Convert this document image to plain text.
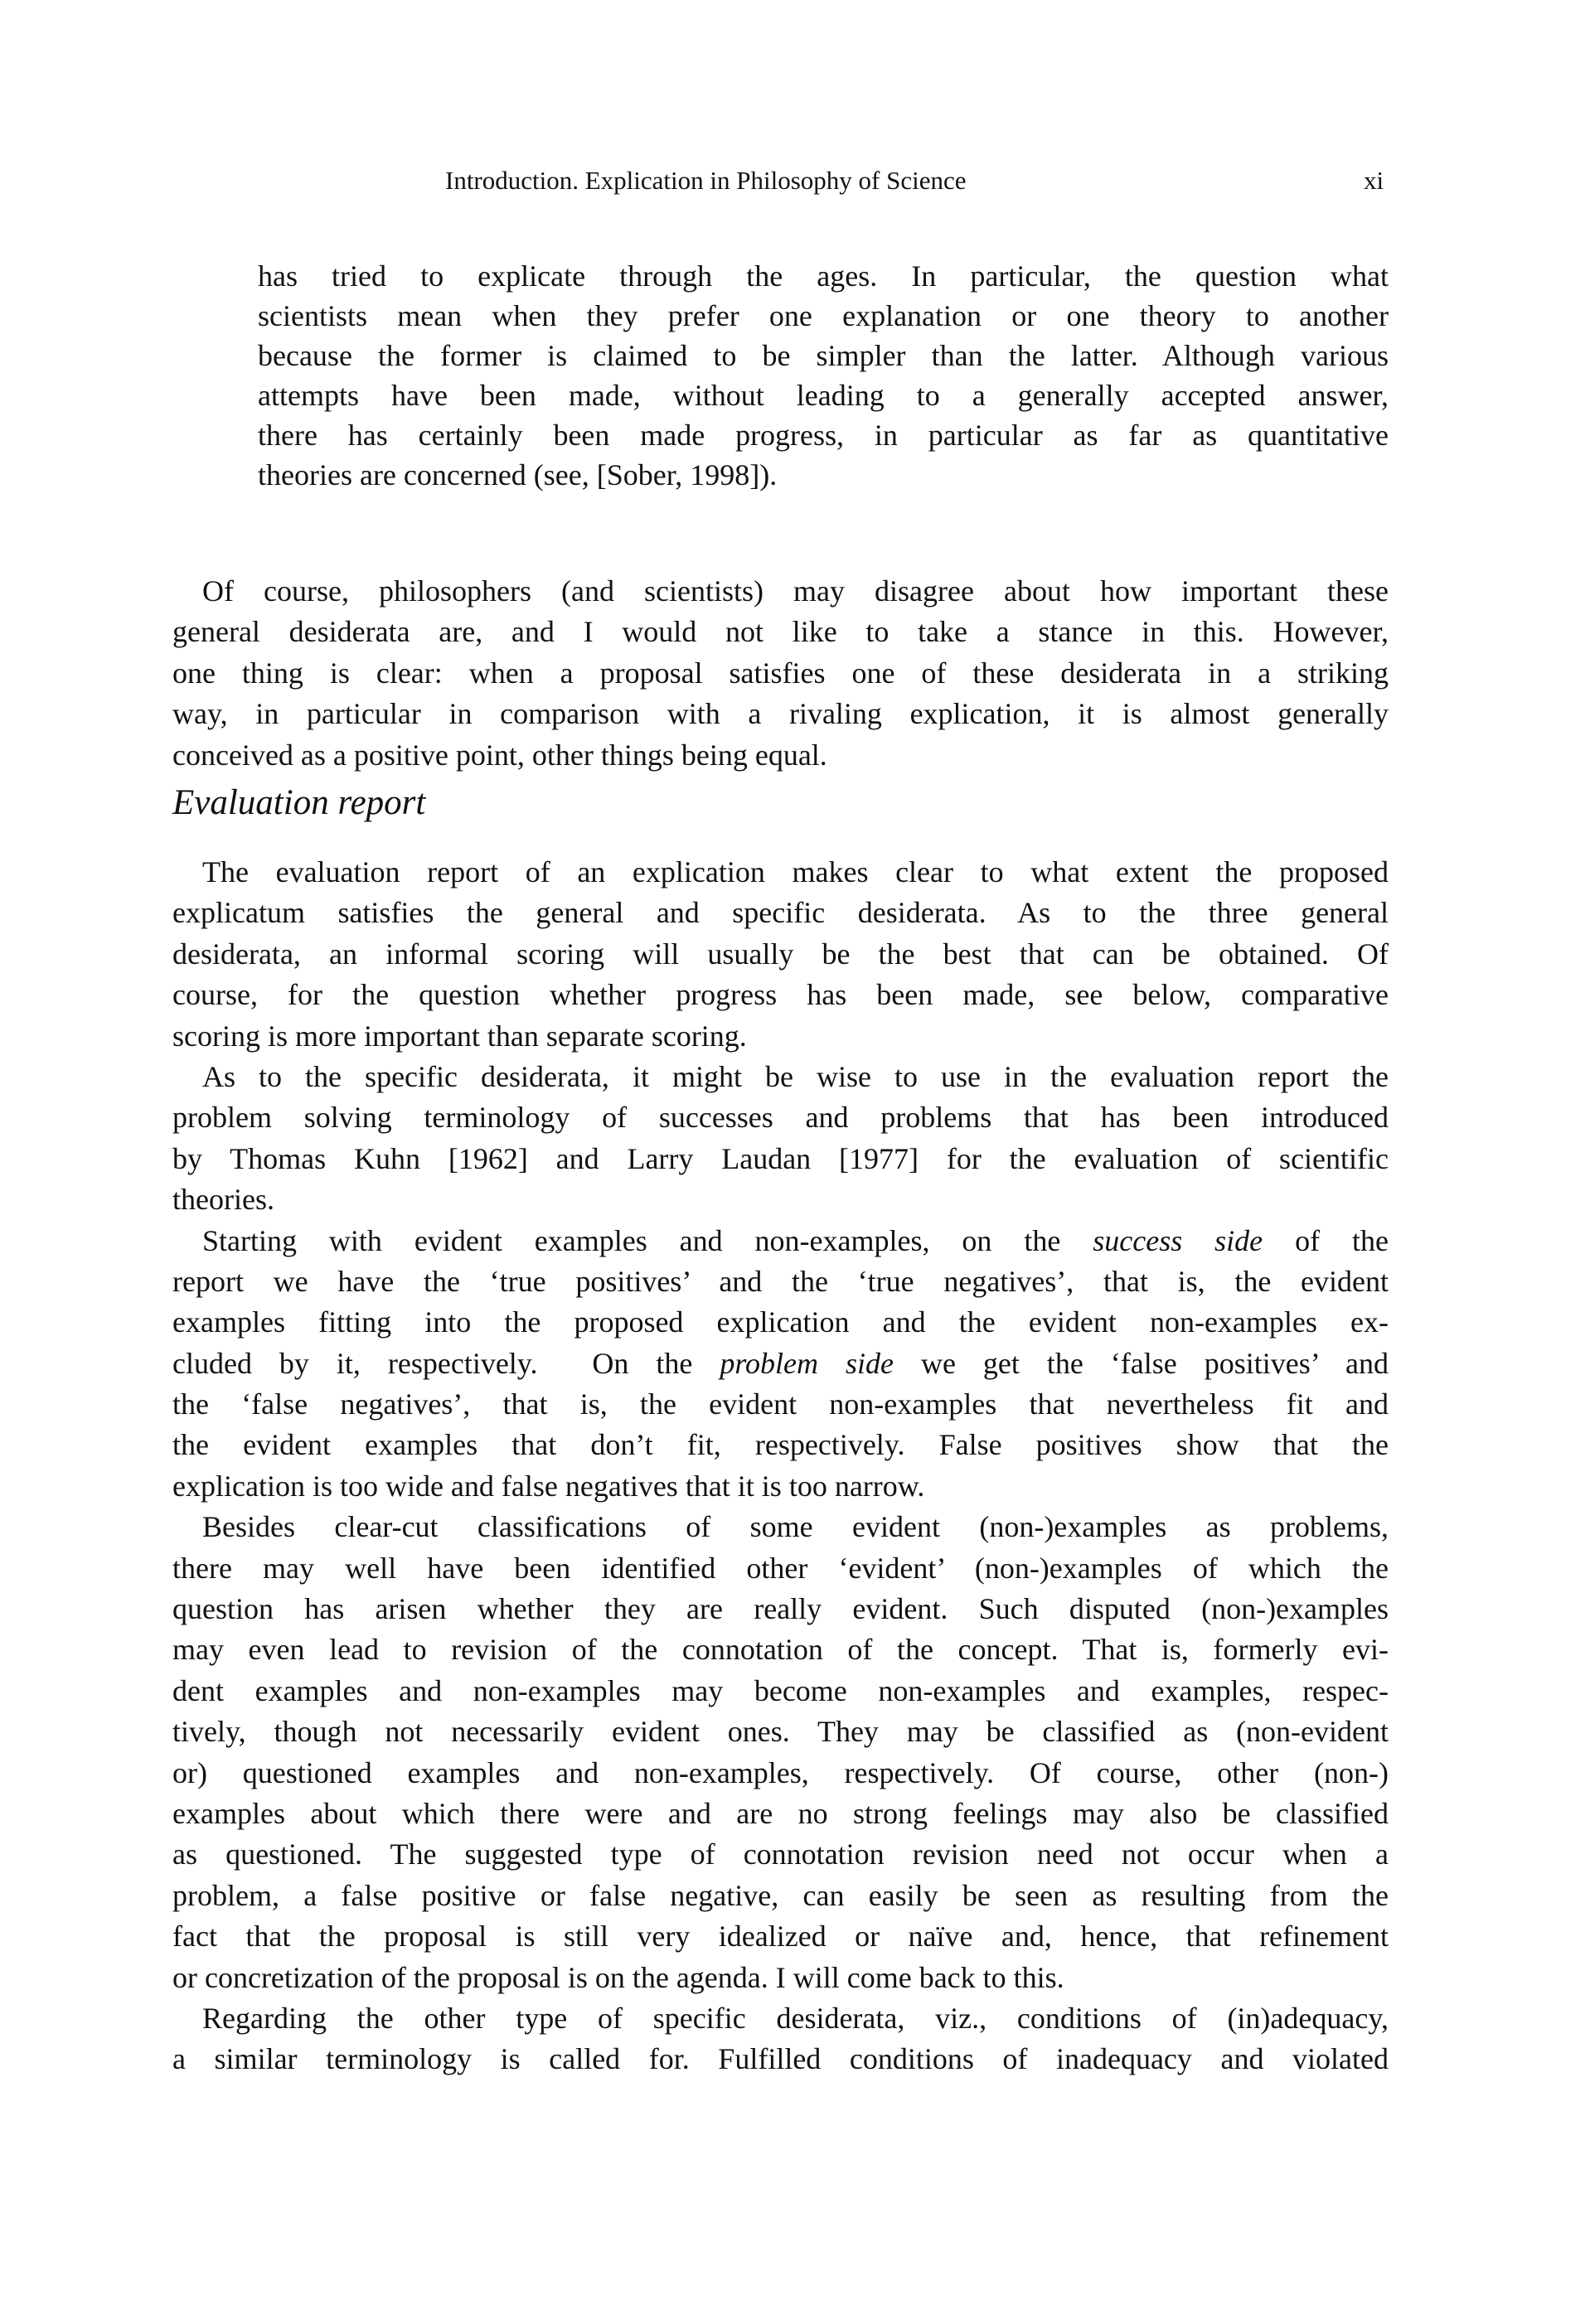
Introduction. Explication in Philosophy of Science	xi
has tried to explicate through the ages. In particular, the question what
scientists mean when they prefer one explanation or one theory to another
because the former is claimed to be simpler than the latter. Although various
attempts have been made, without leading to a generally accepted answer,
there has certainly been made progress, in particular as far as quantitative
theories are concerned (see, [Sober, 1998]).
Of course, philosophers (and scientists) may disagree about how important these
general desiderata are, and I would not like to take a stance in this. However,
one thing is clear: when a proposal satisfies one of these desiderata in a striking
way, in particular in comparison with a rivaling explication, it is almost generally
conceived as a positive point, other things being equal.
Evaluation report
The evaluation report of an explication makes clear to what extent the proposed
explicatum satisfies the general and specific desiderata. As to the three general
desiderata, an informal scoring will usually be the best that can be obtained. Of
course, for the question whether progress has been made, see below, comparative
scoring is more important than separate scoring.
As to the specific desiderata, it might be wise to use in the evaluation report the
problem solving terminology of successes and problems that has been introduced
by Thomas Kuhn [1962] and Larry Laudan [1977] for the evaluation of scientific
theories.
Starting with evident examples and non-examples, on the success side of the
report we have the ‘true positives’ and the ‘true negatives’, that is, the evident
examples fitting into the proposed explication and the evident non-examples ex-
cluded by it, respectively.  On the problem side we get the ‘false positives’ and
the ‘false negatives’, that is, the evident non-examples that nevertheless fit and
the evident examples that don’t fit, respectively. False positives show that the
explication is too wide and false negatives that it is too narrow.
Besides clear-cut classifications of some evident (non-)examples as problems,
there may well have been identified other ‘evident’ (non-)examples of which the
question has arisen whether they are really evident. Such disputed (non-)examples
may even lead to revision of the connotation of the concept. That is, formerly evi-
dent examples and non-examples may become non-examples and examples, respec-
tively, though not necessarily evident ones. They may be classified as (non-evident
or) questioned examples and non-examples, respectively. Of course, other (non-)
examples about which there were and are no strong feelings may also be classified
as questioned. The suggested type of connotation revision need not occur when a
problem, a false positive or false negative, can easily be seen as resulting from the
fact that the proposal is still very idealized or naïve and, hence, that refinement
or concretization of the proposal is on the agenda. I will come back to this.
Regarding the other type of specific desiderata, viz., conditions of (in)adequacy,
a similar terminology is called for. Fulfilled conditions of inadequacy and violated
